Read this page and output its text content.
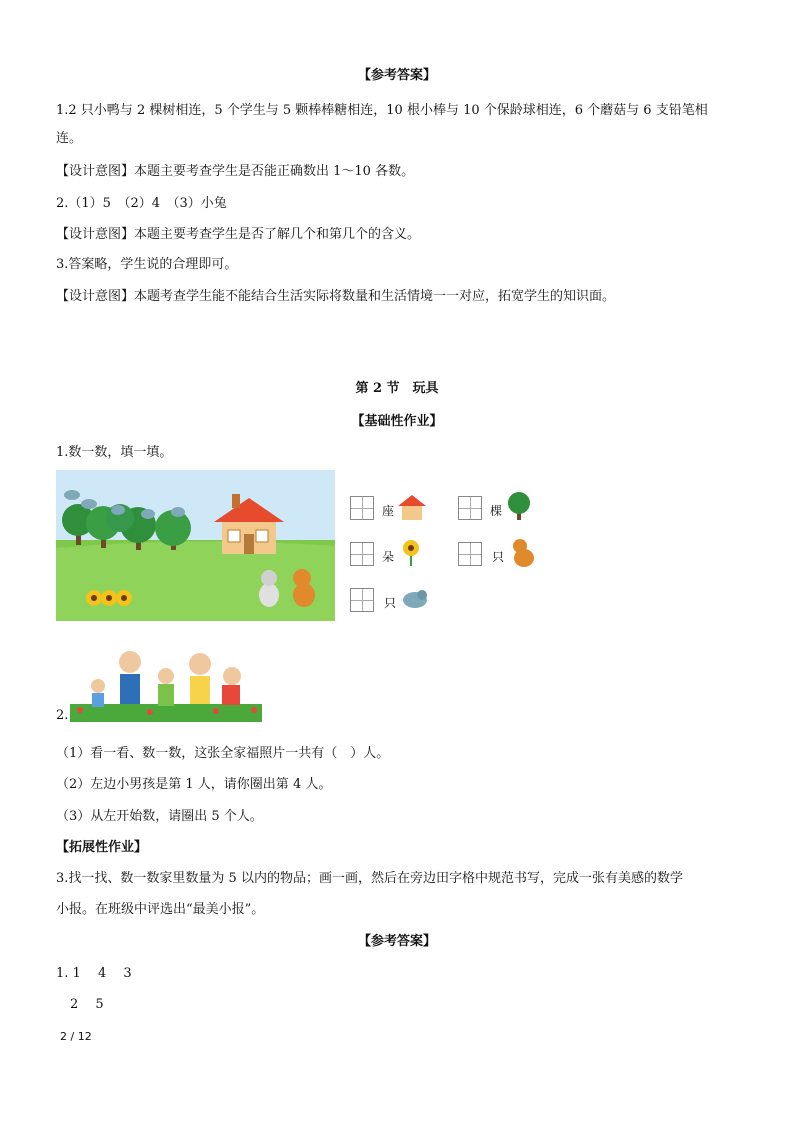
【参考答案】
1.2 只小鸭与 2 棵树相连，5 个学生与 5 颗棒棒糖相连，10 根小棒与 10 个保龄球相连，6 个蘑菇与 6 支铅笔相
连。
【设计意图】本题主要考查学生是否能正确数出 1～10 各数。
2.（1）5　（2）4　（3）小兔
【设计意图】本题主要考查学生是否了解几个和第几个的含义。
3.答案略，学生说的合理即可。
【设计意图】本题考查学生能不能结合生活实际将数量和生活情境一一对应，拓宽学生的知识面。
第 2 节　玩具
【基础性作业】
1.数一数，填一填。
座	棵
朵	只
只
2.
（1）看一看、数一数，这张全家福照片一共有（　）人。
（2）左边小男孩是第 1 人，请你圈出第 4 人。
（3）从左开始数，请圈出 5 个人。
【拓展性作业】
3.找一找、数一数家里数量为 5 以内的物品；画一画，然后在旁边田字格中规范书写，完成一张有美感的数学
小报。在班级中评选出“最美小报”。
【参考答案】
1. 1　 4　 3
2　 5
2 / 12
